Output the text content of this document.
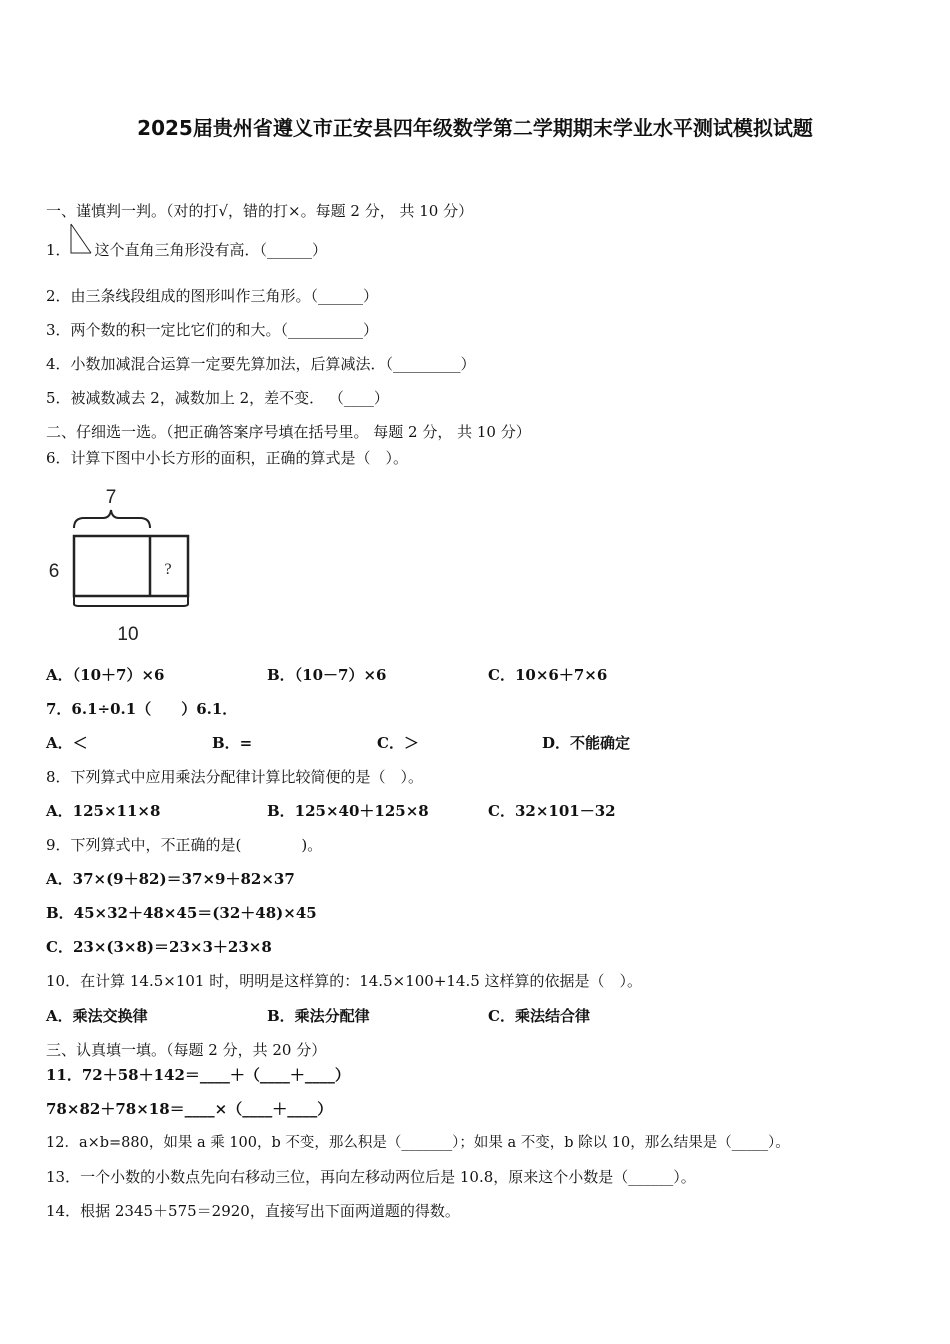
2025届贵州省遵义市正安县四年级数学第二学期期末学业水平测试模拟试题
一、谨慎判一判。（对的打√，错的打×。每题 2 分， 共 10 分）
1． 这个直角三角形没有高．（______）
2．由三条线段组成的图形叫作三角形。（______）
3．两个数的积一定比它们的和大。（__________）
4．小数加减混合运算一定要先算加法，后算减法．（_________）
5．被减数减去 2，减数加上 2，差不变． （____）
二、仔细选一选。（把正确答案序号填在括号里。 每题 2 分， 共 10 分）
6．计算下图中小长方形的面积，正确的算式是（　）。
7
?
6
10
A．（10＋7）×6	B．（10－7）×6	C．10×6＋7×6
7．6.1÷0.1（　　）6.1．
A．＜	B．=	C．＞	D．不能确定
8．下列算式中应用乘法分配律计算比较简便的是（　）。
A．125×11×8	B．125×40＋125×8	C．32×101－32
9．下列算式中，不正确的是(　　　　)。
A．37×(9＋82)＝37×9＋82×37
B．45×32＋48×45＝(32＋48)×45
C．23×(3×8)＝23×3＋23×8
10．在计算 14.5×101 时，明明是这样算的：14.5×100+14.5 这样算的依据是（　）。
A．乘法交换律	B．乘法分配律	C．乘法结合律
三、认真填一填。（每题 2 分，共 20 分）
11．72＋58＋142＝____＋（____＋____）
78×82＋78×18＝____×（____＋____）
12．a×b=880，如果 a 乘 100，b 不变，那么积是（_______）；如果 a 不变，b 除以 10，那么结果是（_____）。
13．一个小数的小数点先向右移动三位，再向左移动两位后是 10.8，原来这个小数是（______）。
14．根据 2345＋575＝2920，直接写出下面两道题的得数。
